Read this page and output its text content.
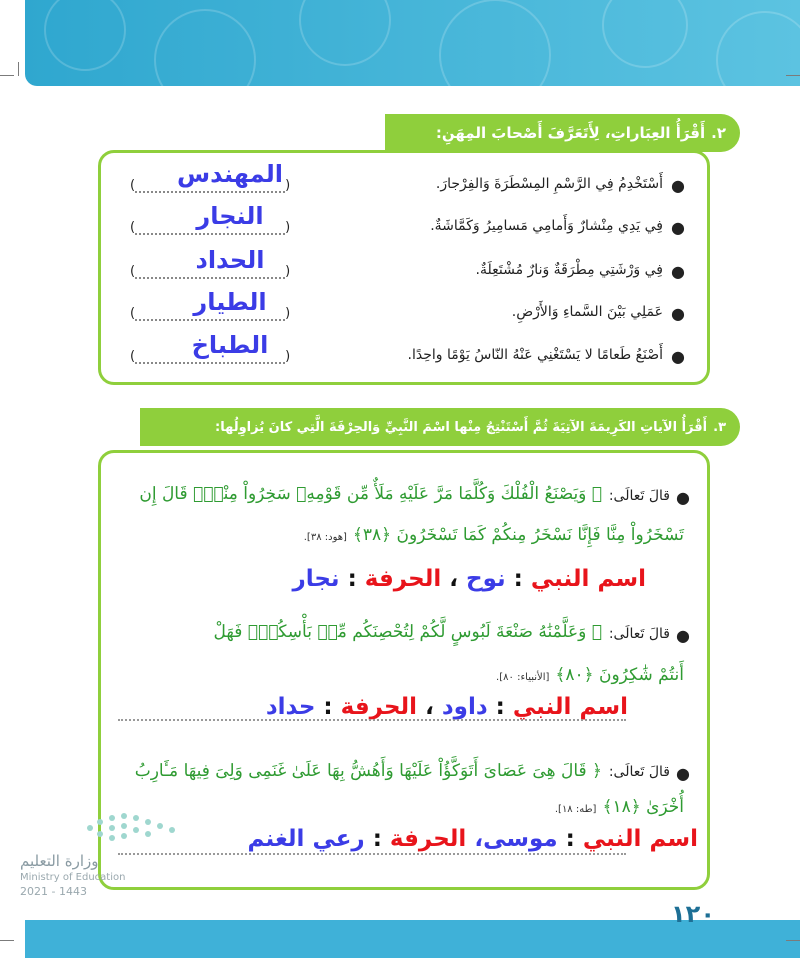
١٢٠
٢.
أَقْرَأُ العِبَاراتِ، لِأَتَعَرَّفَ أَصْحابَ المِهَنِ:
●
أَسْتَخْدِمُ فِي الرَّسْمِ المِسْطَرَةَ وَالفِرْجارَ.
(	)
المهندس
●
فِي يَدِي مِنْشارٌ وَأَمامِي مَسامِيرُ وَكَمَّاشَةٌ.
(	)
النجار
●
فِي وَرْشَتِي مِطْرَقَةٌ وَنارٌ مُشْتَعِلَةٌ.
(	)
الحداد
●
عَمَلِي بَيْنَ السَّماءِ وَالأَرْضِ.
(	)
الطيار
●
أَصْنَعُ طَعامًا لا يَسْتَغْنِي عَنْهُ النّاسُ يَوْمًا واحِدًا.
(	)
الطباخ
٣.
أَقْرَأُ الآياتِ الكَرِيمَةَ الآتِيَةَ ثُمَّ أَسْتَنْتِجُ مِنْها اسْمَ النَّبِيِّ وَالحِرْفَةَ الَّتِي كانَ يُزاوِلُها:
●
قالَ تَعالَى:
﴿ وَيَصْنَعُ الْفُلْكَ وَكُلَّمَا مَرَّ عَلَيْهِ مَلَأٌ مِّن قَوْمِهِۦ سَخِرُواْ مِنْهُۚ قَالَ إِن
تَسْخَرُواْ مِنَّا فَإِنَّا نَسْخَرُ مِنكُمْ كَمَا تَسْخَرُونَ ﴿٣٨﴾[هود: ٣٨].
اسم النبي : نوح ، الحرفة : نجار
●
قالَ تَعالَى:
﴿ وَعَلَّمْنَٰهُ صَنْعَةَ لَبُوسٍ لَّكُمْ لِتُحْصِنَكُم مِّنۢ بَأْسِكُمْۖ فَهَلْ
أَنتُمْ شَٰكِرُونَ ﴿٨٠﴾[الأنبياء: ٨٠].
اسم النبي : داود ، الحرفة : حداد
●
قالَ تَعالَى:
﴿ قَالَ هِىَ عَصَاىَ أَتَوَكَّؤُاْ عَلَيْهَا وَأَهُشُّ بِهَا عَلَىٰ غَنَمِى وَلِىَ فِيهَا مَـَٔارِبُ
أُخْرَىٰ ﴿١٨﴾[طه: ١٨].
اسم النبي : موسى، الحرفة : رعي الغنم
وزارة التعليم
Ministry of Education
2021 - 1443
